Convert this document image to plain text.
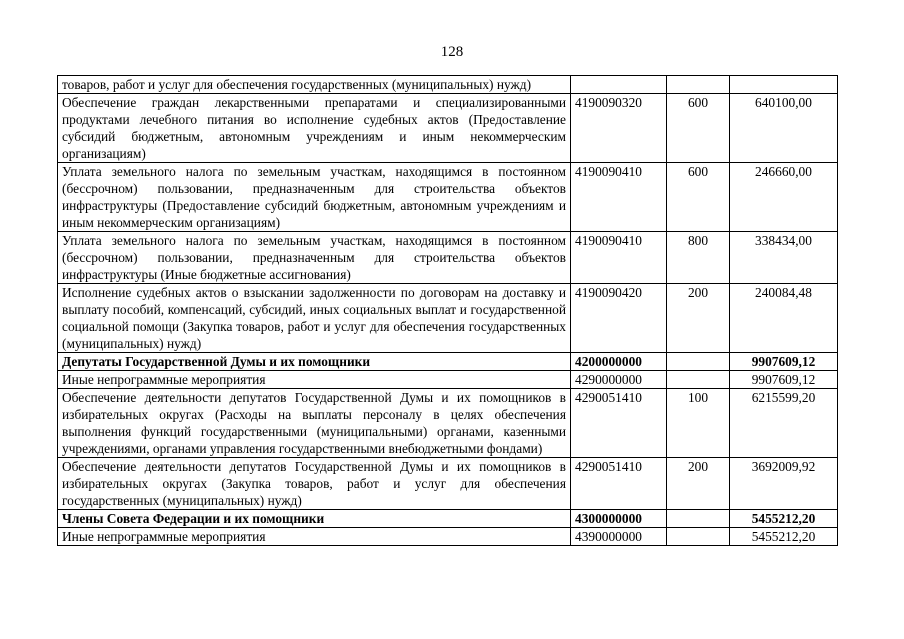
128
товаров, работ и услуг для обеспечения государственных (муниципальных) нужд)			
Обеспечение граждан лекарственными препаратами и специализированными продуктами лечебного питания во исполнение судебных актов (Предоставление субсидий бюджетным, автономным учреждениям и иным некоммерческим организациям)	4190090320	600	640100,00
Уплата земельного налога по земельным участкам, находящимся в постоянном (бессрочном) пользовании, предназначенным для строительства объектов инфраструктуры (Предоставление субсидий бюджетным, автономным учреждениям и иным некоммерческим организациям)	4190090410	600	246660,00
Уплата земельного налога по земельным участкам, находящимся в постоянном (бессрочном) пользовании, предназначенным для строительства объектов инфраструктуры (Иные бюджетные ассигнования)	4190090410	800	338434,00
Исполнение судебных актов о взыскании задолженности по договорам на доставку и выплату пособий, компенсаций, субсидий, иных социальных выплат и государственной социальной помощи (Закупка товаров, работ и услуг для обеспечения государственных (муниципальных) нужд)	4190090420	200	240084,48
Депутаты Государственной Думы и их помощники	4200000000		9907609,12
Иные непрограммные мероприятия	4290000000		9907609,12
Обеспечение деятельности депутатов Государственной Думы и их помощников в избирательных округах (Расходы на выплаты персоналу в целях обеспечения выполнения функций государственными (муниципальными) органами, казенными учреждениями, органами управления государственными внебюджетными фондами)	4290051410	100	6215599,20
Обеспечение деятельности депутатов Государственной Думы и их помощников в избирательных округах (Закупка товаров, работ и услуг для обеспечения государственных (муниципальных) нужд)	4290051410	200	3692009,92
Члены Совета Федерации и их помощники	4300000000		5455212,20
Иные непрограммные мероприятия	4390000000		5455212,20
